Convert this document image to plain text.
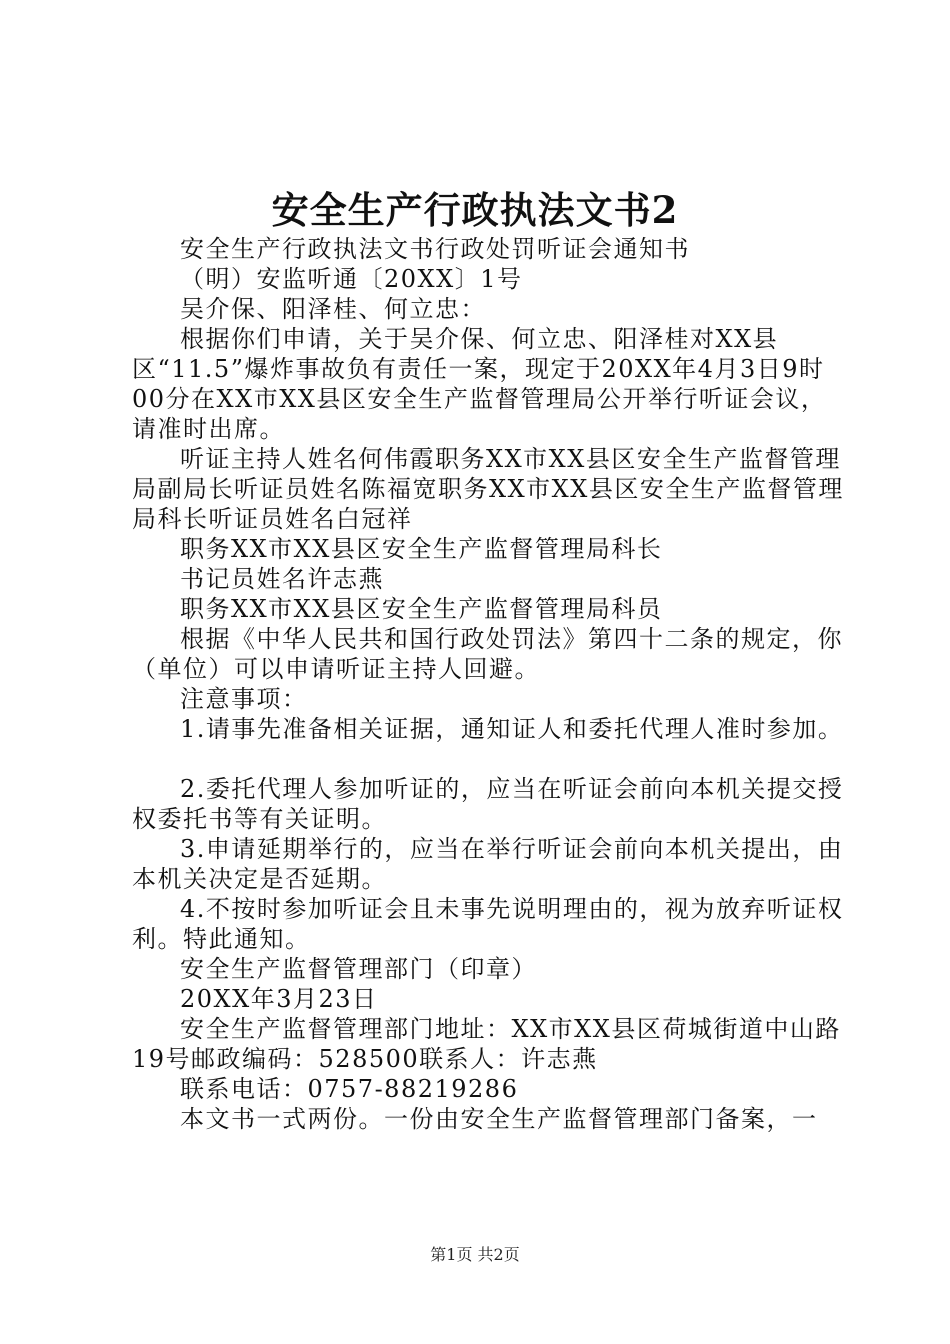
安全生产行政执法文书2

安全生产行政执法文书行政处罚听证会通知书

（明）安监听通〔20XX〕1号

吴介保、阳泽桂、何立忠：

根据你们申请，关于吴介保、何立忠、阳泽桂对XX县区“11.5”爆炸事故负有责任一案，现定于20XX年4月3日9时00分在XX市XX县区安全生产监督管理局公开举行听证会议，请准时出席。

听证主持人姓名何伟霞职务XX市XX县区安全生产监督管理局副局长听证员姓名陈福宽职务XX市XX县区安全生产监督管理局科长听证员姓名白冠祥

职务XX市XX县区安全生产监督管理局科长

书记员姓名许志燕

职务XX市XX县区安全生产监督管理局科员

根据《中华人民共和国行政处罚法》第四十二条的规定，你（单位）可以申请听证主持人回避。

注意事项：

1.请事先准备相关证据，通知证人和委托代理人准时参加。

2.委托代理人参加听证的，应当在听证会前向本机关提交授权委托书等有关证明。

3.申请延期举行的，应当在举行听证会前向本机关提出，由本机关决定是否延期。

4.不按时参加听证会且未事先说明理由的，视为放弃听证权利。特此通知。

安全生产监督管理部门（印章）

20XX年3月23日

安全生产监督管理部门地址：XX市XX县区荷城街道中山路19号邮政编码：528500联系人：许志燕

联系电话：0757-88219286

本文书一式两份。一份由安全生产监督管理部门备案，一

第1页 共2页
